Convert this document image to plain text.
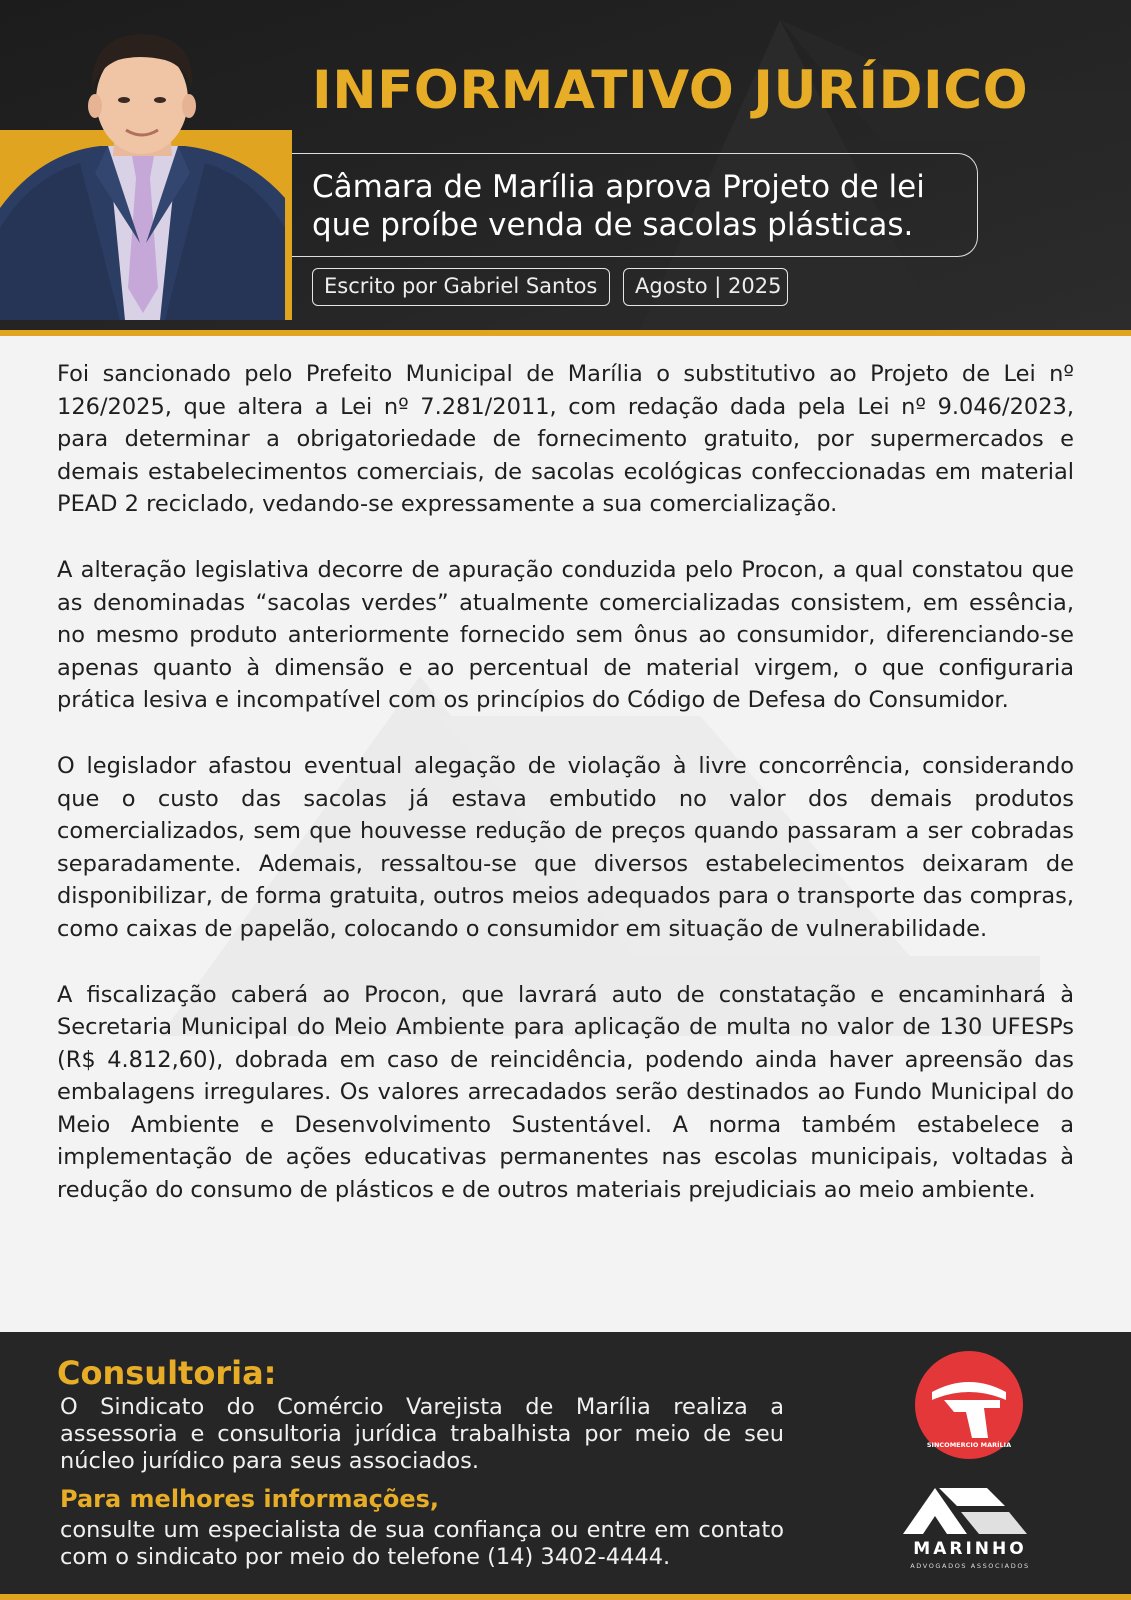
INFORMATIVO JURÍDICO
Câmara de Marília aprova Projeto de lei
que proíbe venda de sacolas plásticas.
Escrito por Gabriel Santos	Agosto | 2025

Foi sancionado pelo Prefeito Municipal de Marília o substitutivo ao Projeto de Lei nº 126/2025, que altera a Lei nº 7.281/2011, com redação dada pela Lei nº 9.046/2023, para determinar a obrigatoriedade de fornecimento gratuito, por supermercados e demais estabelecimentos comerciais, de sacolas ecológicas confeccionadas em material PEAD 2 reciclado, vedando-se expressamente a sua comercialização.

A alteração legislativa decorre de apuração conduzida pelo Procon, a qual constatou que as denominadas “sacolas verdes” atualmente comercializadas consistem, em essência, no mesmo produto anteriormente fornecido sem ônus ao consumidor, diferenciando-se apenas quanto à dimensão e ao percentual de material virgem, o que configuraria prática lesiva e incompatível com os princípios do Código de Defesa do Consumidor.

O legislador afastou eventual alegação de violação à livre concorrência, considerando que o custo das sacolas já estava embutido no valor dos demais produtos comercializados, sem que houvesse redução de preços quando passaram a ser cobradas separadamente. Ademais, ressaltou-se que diversos estabelecimentos deixaram de disponibilizar, de forma gratuita, outros meios adequados para o transporte das compras, como caixas de papelão, colocando o consumidor em situação de vulnerabilidade.

A fiscalização caberá ao Procon, que lavrará auto de constatação e encaminhará à Secretaria Municipal do Meio Ambiente para aplicação de multa no valor de 130 UFESPs (R$ 4.812,60), dobrada em caso de reincidência, podendo ainda haver apreensão das embalagens irregulares. Os valores arrecadados serão destinados ao Fundo Municipal do Meio Ambiente e Desenvolvimento Sustentável. A norma também estabelece a implementação de ações educativas permanentes nas escolas municipais, voltadas à redução do consumo de plásticos e de outros materiais prejudiciais ao meio ambiente.

Consultoria:
O Sindicato do Comércio Varejista de Marília realiza a assessoria e consultoria jurídica trabalhista por meio de seu núcleo jurídico para seus associados.
Para melhores informações,
consulte um especialista de sua confiança ou entre em contato com o sindicato por meio do telefone (14) 3402-4444.
SINCOMERCIO MARÍLIA
MARINHO
ADVOGADOS ASSOCIADOS
